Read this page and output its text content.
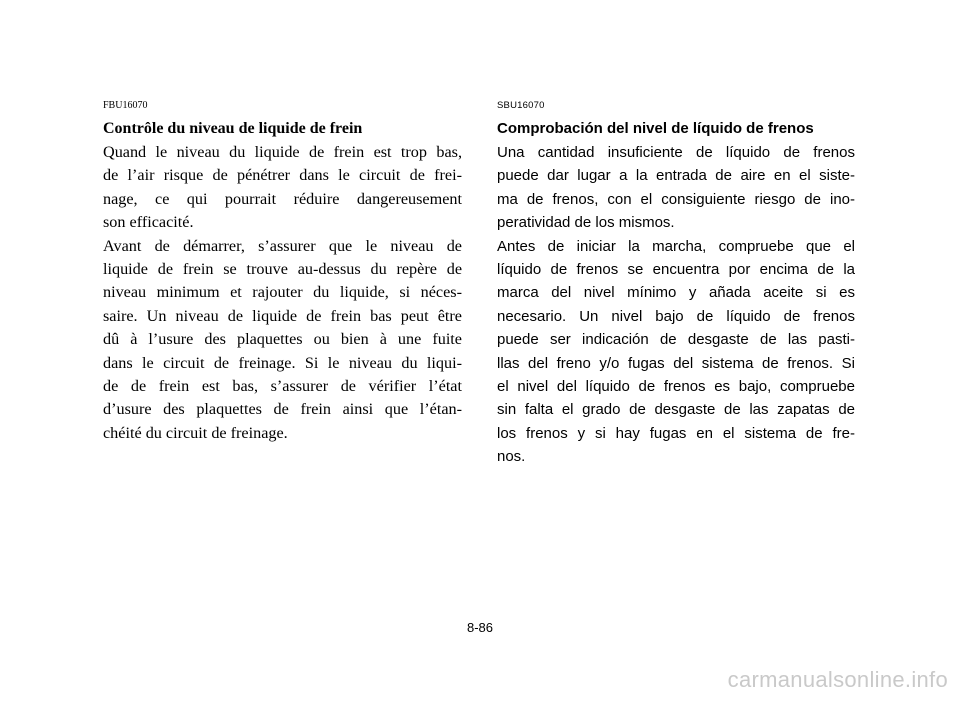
FBU16070
Contrôle du niveau de liquide de frein
Quand le niveau du liquide de frein est trop bas,
de l’air risque de pénétrer dans le circuit de frei-
nage, ce qui pourrait réduire dangereusement
son efficacité.
Avant de démarrer, s’assurer que le niveau de
liquide de frein se trouve au-dessus du repère de
niveau minimum et rajouter du liquide, si néces-
saire. Un niveau de liquide de frein bas peut être
dû à l’usure des plaquettes ou bien à une fuite
dans le circuit de freinage. Si le niveau du liqui-
de de frein est bas, s’assurer de vérifier l’état
d’usure des plaquettes de frein ainsi que l’étan-
chéité du circuit de freinage.
SBU16070
Comprobación del nivel de líquido de frenos
Una cantidad insuficiente de líquido de frenos
puede dar lugar a la entrada de aire en el siste-
ma de frenos, con el consiguiente riesgo de ino-
peratividad de los mismos.
Antes de iniciar la marcha, compruebe que el
líquido de frenos se encuentra por encima de la
marca del nivel mínimo y añada aceite si es
necesario. Un nivel bajo de líquido de frenos
puede ser indicación de desgaste de las pasti-
llas del freno y/o fugas del sistema de frenos. Si
el nivel del líquido de frenos es bajo, compruebe
sin falta el grado de desgaste de las zapatas de
los frenos y si hay fugas en el sistema de fre-
nos.
8-86
carmanualsonline.info
